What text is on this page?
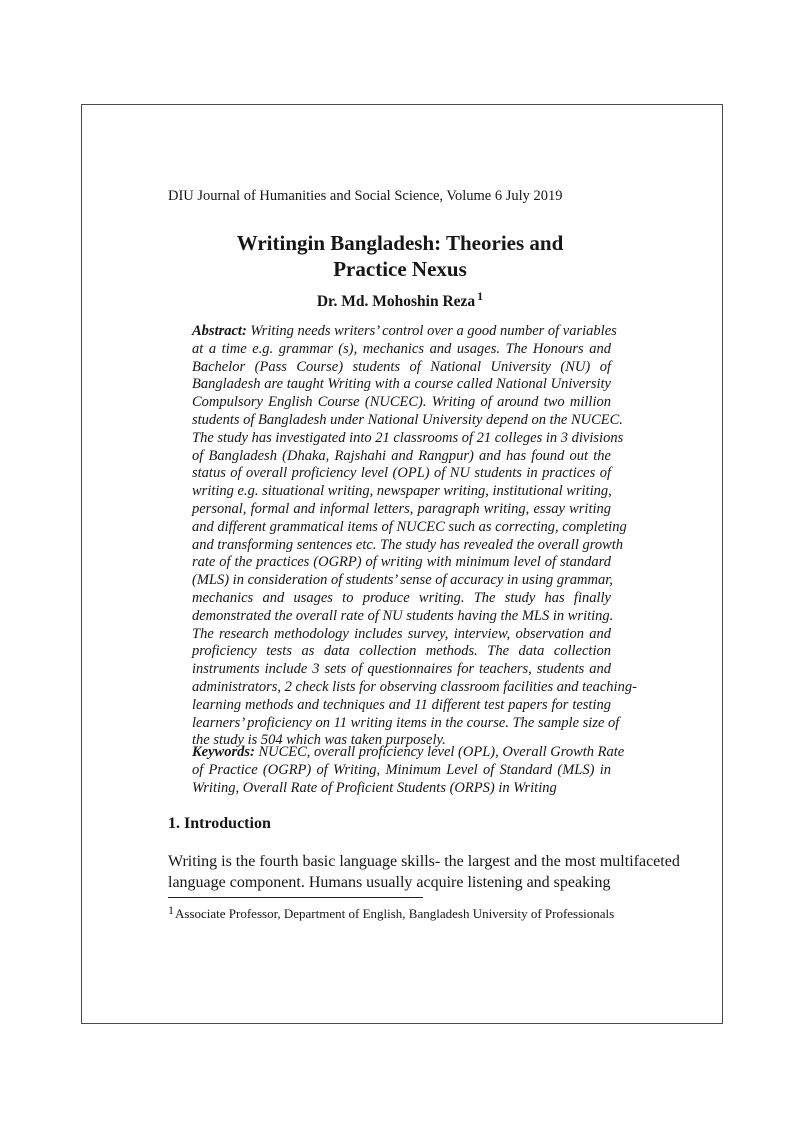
DIU Journal of Humanities and Social Science, Volume 6 July 2019
Writingin Bangladesh: Theories and
Practice Nexus
Dr. Md. Mohoshin Reza $^1$
Abstract: Writing needs writers’ control over a good number of variables
at a time e.g. grammar (s), mechanics and usages. The Honours and
Bachelor (Pass Course) students of National University (NU) of
Bangladesh are taught Writing with a course called National University
Compulsory English Course (NUCEC). Writing of around two million
students of Bangladesh under National University depend on the NUCEC.
The study has investigated into 21 classrooms of 21 colleges in 3 divisions
of Bangladesh (Dhaka, Rajshahi and Rangpur) and has found out the
status of overall proficiency level (OPL) of NU students in practices of
writing e.g. situational writing, newspaper writing, institutional writing,
personal, formal and informal letters, paragraph writing, essay writing
and different grammatical items of NUCEC such as correcting, completing
and transforming sentences etc. The study has revealed the overall growth
rate of the practices (OGRP) of writing with minimum level of standard
(MLS) in consideration of students’ sense of accuracy in using grammar,
mechanics and usages to produce writing. The study has finally
demonstrated the overall rate of NU students having the MLS in writing.
The research methodology includes survey, interview, observation and
proficiency tests as data collection methods. The data collection
instruments include 3 sets of questionnaires for teachers, students and
administrators, 2 check lists for observing classroom facilities and teaching-
learning methods and techniques and 11 different test papers for testing
learners’ proficiency on 11 writing items in the course. The sample size of
the study is 504 which was taken purposely.
Keywords: NUCEC, overall proficiency level (OPL), Overall Growth Rate
of Practice (OGRP) of Writing, Minimum Level of Standard (MLS) in
Writing, Overall Rate of Proficient Students (ORPS) in Writing
1. Introduction
Writing is the fourth basic language skills- the largest and the most multifaceted
language component. Humans usually acquire listening and speaking
$^1$Associate Professor, Department of English, Bangladesh University of Professionals
